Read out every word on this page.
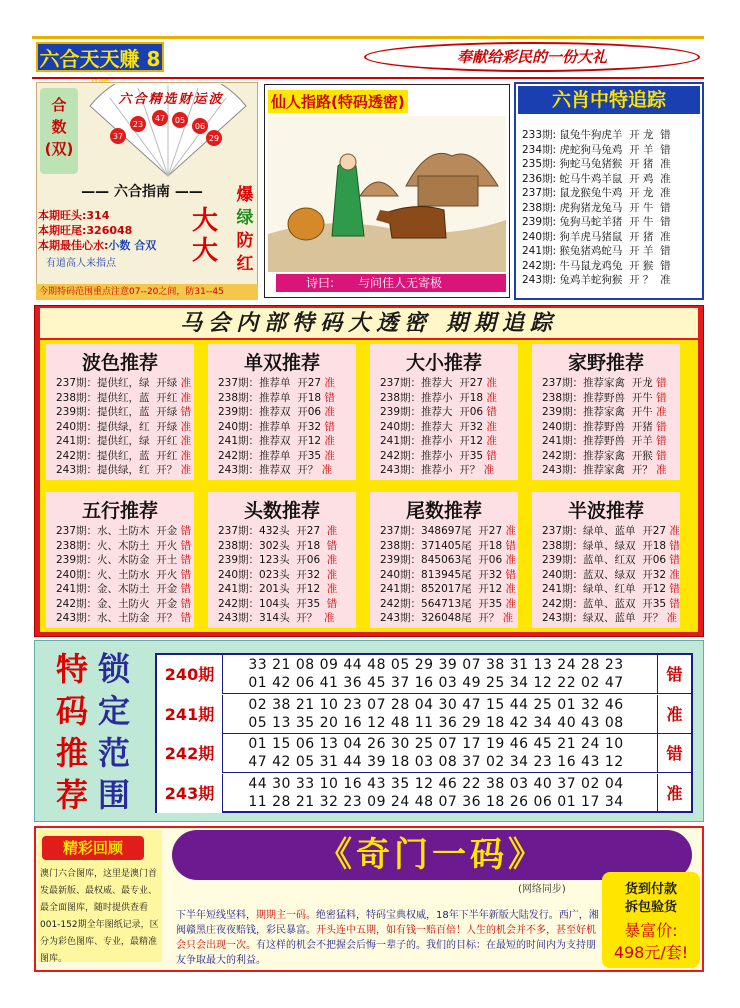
六合天天赚 8	奉献给彩民的一份大礼
合
数
(双)
37
23
47 05
06
29
六合精选财运波
—— 六合指南 ——
本期旺头:314
本期旺尾:326048
本期最佳心水:小数 合双
有道高人来指点
大
大
爆
绿
防
红
今期特码范围重点注意07--20之间，防31--45
仙人指路(特码透密)
诗曰: 与问佳人无寄极
六肖中特追踪
233期: 鼠兔牛狗虎羊  开 龙  错
234期: 虎蛇狗马兔鸡  开 羊  错
235期: 狗蛇马兔猪猴  开 猪  准
236期: 蛇马牛鸡羊鼠  开 鸡  准
237期: 鼠龙猴兔牛鸡  开 龙  准
238期: 虎狗猪龙兔马  开 牛  错
239期: 兔狗马蛇羊猪  开 牛  错
240期: 狗羊虎马猪鼠  开 猪  准
241期: 猴兔猪鸡蛇马  开 羊  错
242期: 牛马鼠龙鸡兔  开 猴  错
243期: 兔鸡羊蛇狗猴  开 ？  准
马会内部特码大透密 期期追踪
波色推荐
237期：提供红，绿  开绿 准
238期：提供红，蓝  开红 准
239期：提供红，蓝  开绿 错
240期：提供绿，红  开绿 准
241期：提供红，绿  开红 准
242期：提供红，蓝  开红 准
243期：提供绿，红  开？ 准
单双推荐
237期：推荐单  开27 准
238期：推荐单  开18 错
239期：推荐双  开06 准
240期：推荐单  开32 错
241期：推荐双  开12 准
242期：推荐单  开35 准
243期：推荐双  开？ 准
大小推荐
237期：推荐大  开27 准
238期：推荐小  开18 准
239期：推荐大  开06 错
240期：推荐大  开32 准
241期：推荐小  开12 准
242期：推荐小  开35 错
243期：推荐小  开？ 准
家野推荐
237期：推荐家禽  开龙 错
238期：推荐野兽  开牛 错
239期：推荐家禽  开牛 准
240期：推荐野兽  开猪 错
241期：推荐野兽  开羊 错
242期：推荐家禽  开猴 错
243期：推荐家禽  开？ 准
五行推荐
237期：水、土防木  开金 错
238期：火、木防土  开火 错
239期：火、木防金  开土 错
240期：火、土防水  开火 错
241期：金、木防土  开金 错
242期：金、土防火  开金 错
243期：水、土防金  开？ 错
头数推荐
237期：432头  开27  准
238期：302头  开18  错
239期：123头  开06  准
240期：023头  开32  准
241期：201头  开12  准
242期：104头  开35  错
243期：314头  开？  准
尾数推荐
237期：348697尾  开27 准
238期：371405尾  开18 错
239期：845063尾  开06 准
240期：813945尾  开32 错
241期：852017尾  开12 准
242期：564713尾  开35 准
243期：326048尾  开？ 准
半波推荐
237期：绿单、蓝单  开27 准
238期：绿单、绿双  开18 错
239期：蓝单、红双  开06 错
240期：蓝双、绿双  开32 准
241期：绿单、红单  开12 错
242期：蓝单、蓝双  开35 错
243期：绿双、蓝单  开？ 准
特
码
推
荐
锁
定
范
围
240期	33 21 08 09 44 48 05 29 39 07 38 31 13 24 28 23
01 42 06 41 36 45 37 16 03 49 25 34 12 22 02 47	错
241期	02 38 21 10 23 07 28 04 30 47 15 44 25 01 32 46
05 13 35 20 16 12 48 11 36 29 18 42 34 40 43 08	准
242期	01 15 06 13 04 26 30 25 07 17 19 46 45 21 24 10
47 42 05 31 44 39 18 03 08 37 02 34 23 16 43 12	错
243期	44 30 33 10 16 43 35 12 46 22 38 03 40 37 02 04
11 28 21 32 23 09 24 48 07 36 18 26 06 01 17 34	准
精彩回顾
澳门六合图库，这里是澳门首发最新版、最权威、最专业、最全面图库，随时提供查看001-152期全年图纸记录，区分为彩色图库、专业，最精准图库。
《奇门一码》
(网络同步)
下半年短线坚料，期期主一码。绝密猛料，特码宝典权威，18年下半年新版大陆发行。西广，湘阀赣黑庄夜夜赔钱，彩民暴富。开头连中五期，如有钱一赔百倍！人生的机会并不多，甚至好机会只会出现一次。有这样的机会不把握会后悔一辈子的。我们的目标：在最短的时间内为支持朋友争取最大的利益。
货到付款
拆包验货
暴富价:
498元/套!
